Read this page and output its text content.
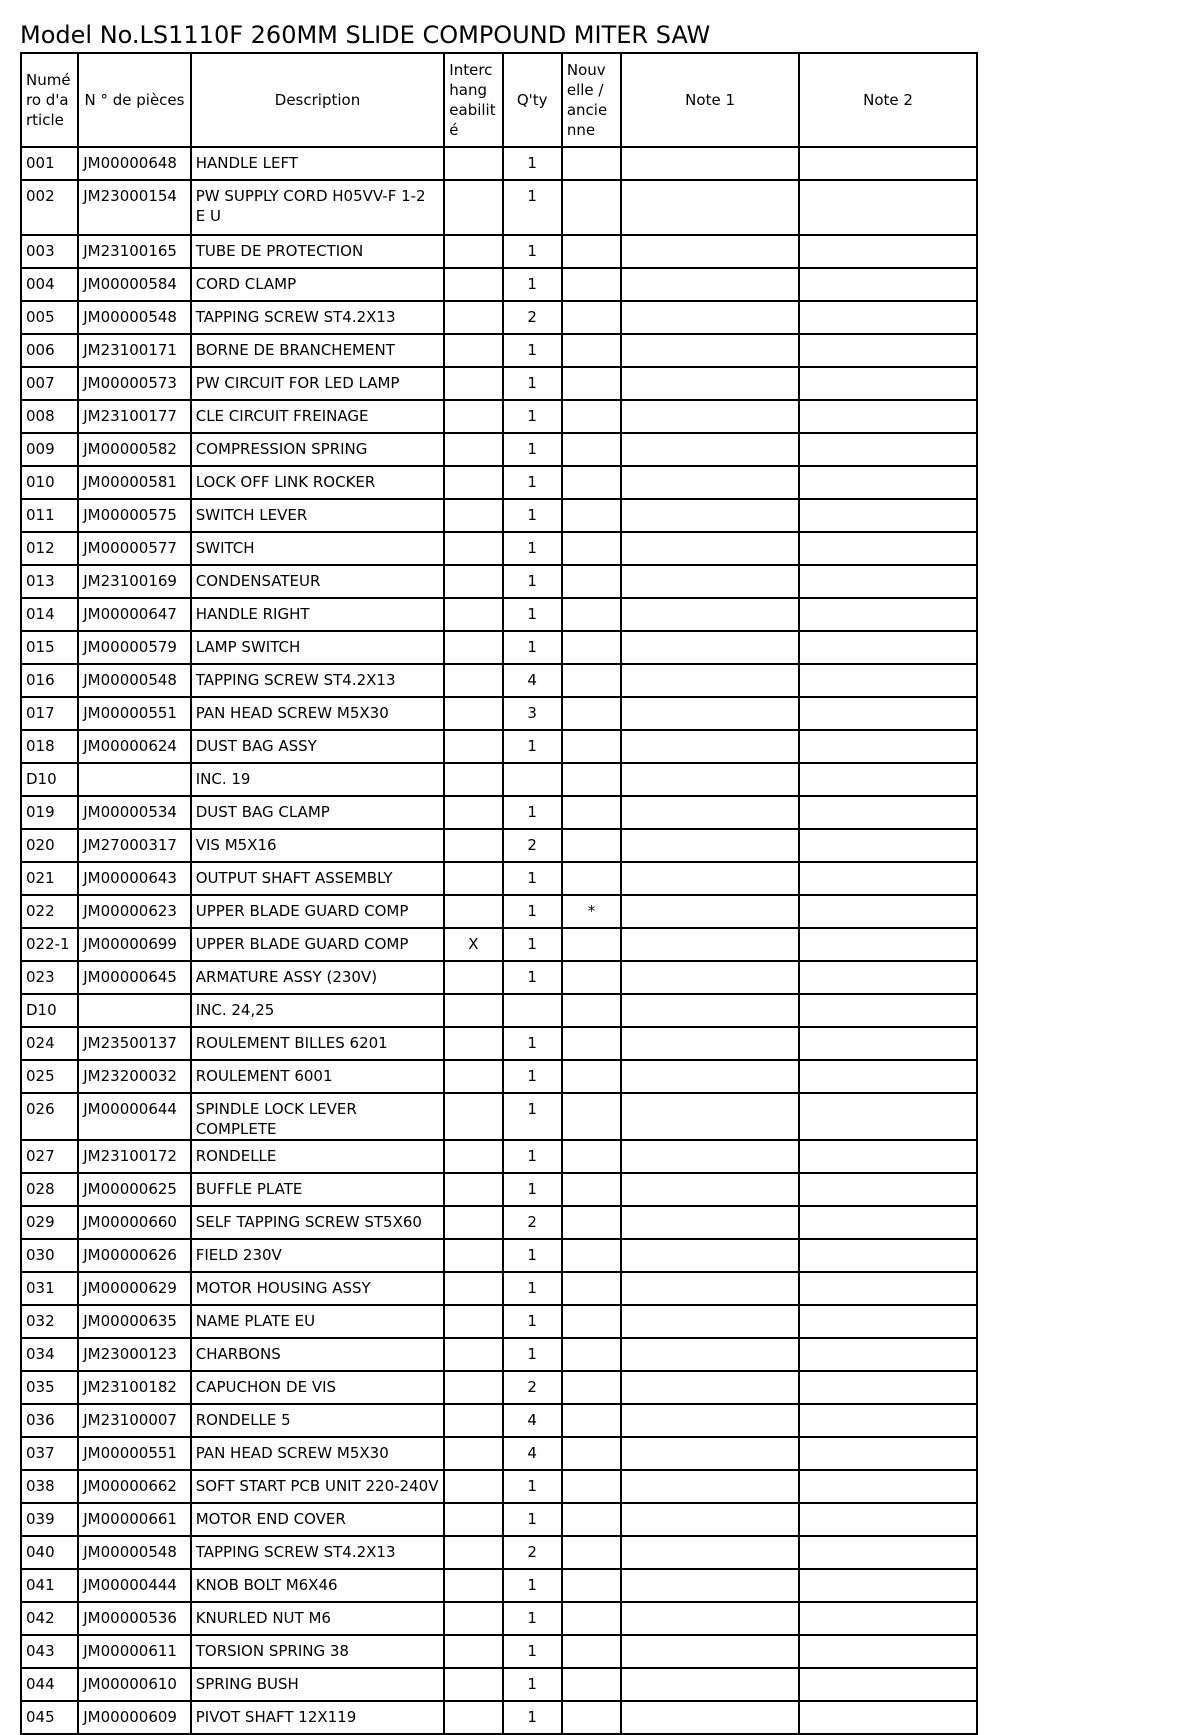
Model No.LS1110F 260MM SLIDE COMPOUND MITER SAW
Numé ro d'a rticle	N ° de pièces	Description	Interc hang eabilit é	Q'ty	Nouv elle / ancie nne	Note 1	Note 2
001	JM00000648	HANDLE LEFT		1			
002	JM23000154	PW SUPPLY CORD H05VV-F 1-2 E U		1			
003	JM23100165	TUBE DE PROTECTION		1			
004	JM00000584	CORD CLAMP		1			
005	JM00000548	TAPPING SCREW ST4.2X13		2			
006	JM23100171	BORNE DE BRANCHEMENT		1			
007	JM00000573	PW CIRCUIT FOR LED LAMP		1			
008	JM23100177	CLE CIRCUIT FREINAGE		1			
009	JM00000582	COMPRESSION SPRING		1			
010	JM00000581	LOCK OFF LINK ROCKER		1			
011	JM00000575	SWITCH LEVER		1			
012	JM00000577	SWITCH		1			
013	JM23100169	CONDENSATEUR		1			
014	JM00000647	HANDLE RIGHT		1			
015	JM00000579	LAMP SWITCH		1			
016	JM00000548	TAPPING SCREW ST4.2X13		4			
017	JM00000551	PAN HEAD SCREW M5X30		3			
018	JM00000624	DUST BAG ASSY		1			
D10		INC. 19					
019	JM00000534	DUST BAG CLAMP		1			
020	JM27000317	VIS M5X16		2			
021	JM00000643	OUTPUT SHAFT ASSEMBLY		1			
022	JM00000623	UPPER BLADE GUARD COMP		1	*		
022-1	JM00000699	UPPER BLADE GUARD COMP	X	1			
023	JM00000645	ARMATURE ASSY (230V)		1			
D10		INC. 24,25					
024	JM23500137	ROULEMENT BILLES 6201		1			
025	JM23200032	ROULEMENT 6001		1			
026	JM00000644	SPINDLE LOCK LEVER COMPLETE		1			
027	JM23100172	RONDELLE		1			
028	JM00000625	BUFFLE PLATE		1			
029	JM00000660	SELF TAPPING SCREW ST5X60		2			
030	JM00000626	FIELD 230V		1			
031	JM00000629	MOTOR HOUSING ASSY		1			
032	JM00000635	NAME PLATE EU		1			
034	JM23000123	CHARBONS		1			
035	JM23100182	CAPUCHON DE VIS		2			
036	JM23100007	RONDELLE 5		4			
037	JM00000551	PAN HEAD SCREW M5X30		4			
038	JM00000662	SOFT START PCB UNIT 220-240V		1			
039	JM00000661	MOTOR END COVER		1			
040	JM00000548	TAPPING SCREW ST4.2X13		2			
041	JM00000444	KNOB BOLT M6X46		1			
042	JM00000536	KNURLED NUT M6		1			
043	JM00000611	TORSION SPRING 38		1			
044	JM00000610	SPRING BUSH		1			
045	JM00000609	PIVOT SHAFT 12X119		1			
